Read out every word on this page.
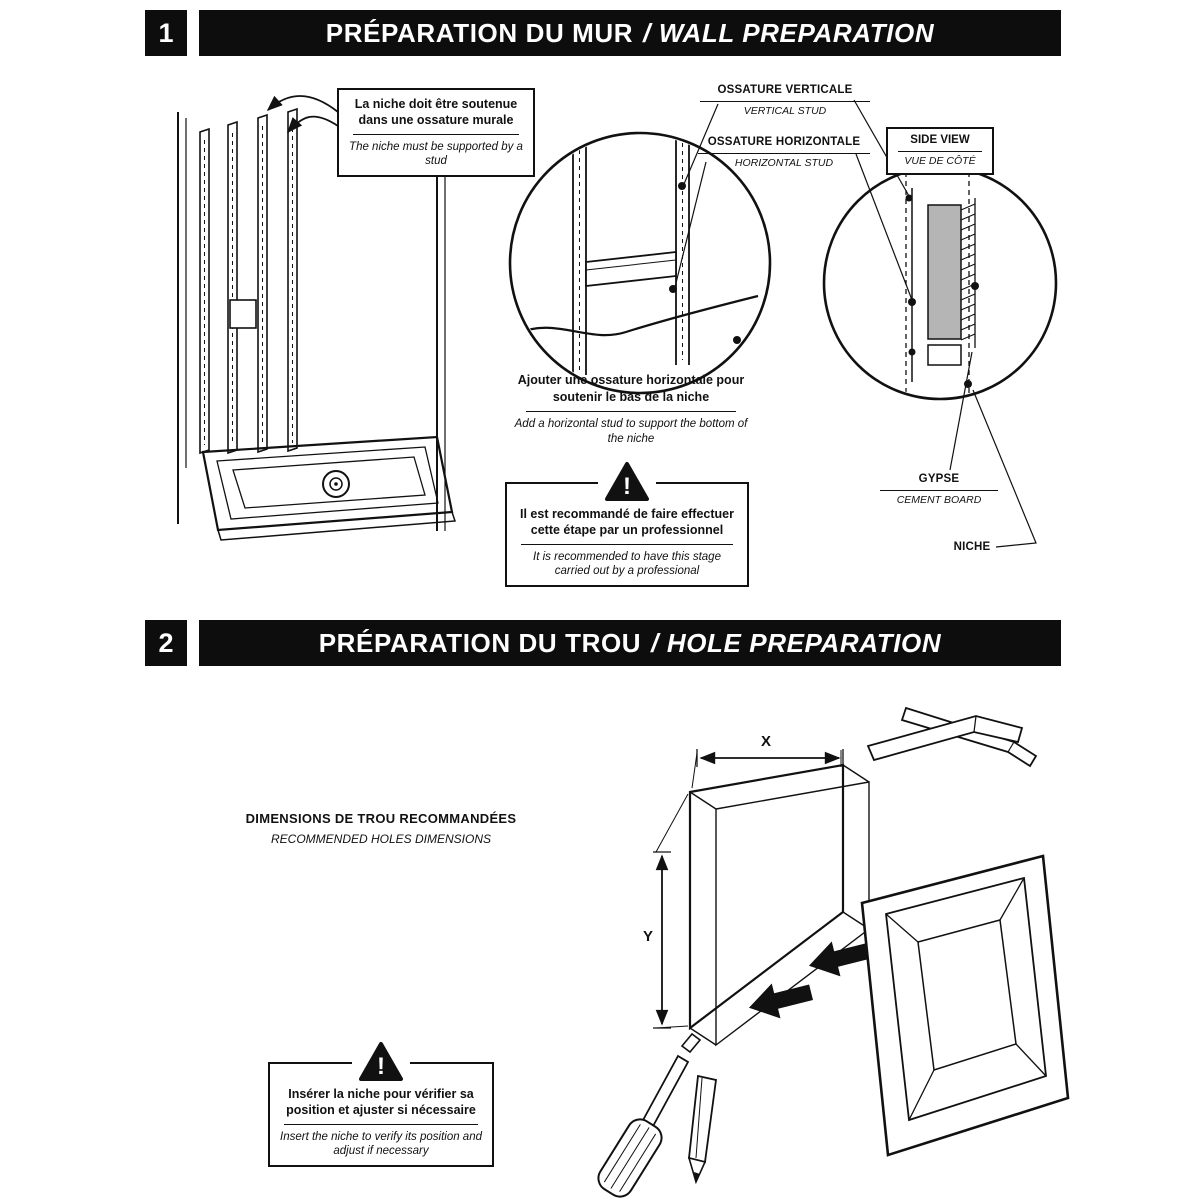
1	PRÉPARATION DU MUR / WALL PREPARATION
La niche doit être soutenue dans une ossature murale
The niche must be supported by a stud
OSSATURE VERTICALE
VERTICAL STUD
OSSATURE HORIZONTALE
HORIZONTAL STUD
SIDE VIEW
VUE DE CÔTÉ
Ajouter une ossature horizontale pour soutenir le bas de la niche
Add a horizontal stud to support the bottom of the niche
!
Il est recommandé de faire effectuer cette étape par un professionnel
It is recommended to have this stage carried out by a professional
GYPSE
CEMENT BOARD
NICHE
2	PRÉPARATION DU TROU / HOLE PREPARATION
DIMENSIONS DE TROU RECOMMANDÉES
RECOMMENDED HOLES DIMENSIONS
X
Y
!
Insérer la niche pour vérifier sa position et ajuster si nécessaire
Insert the niche to verify its position and adjust if necessary
